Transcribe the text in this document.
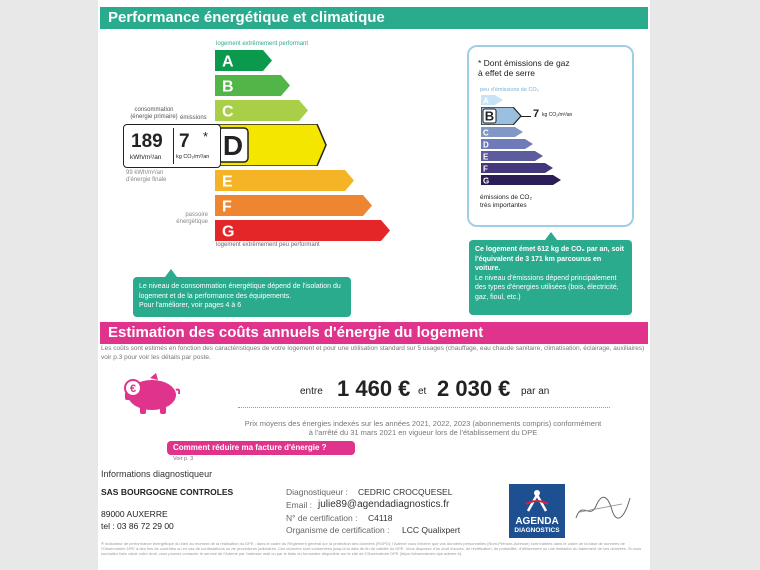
Performance énergétique et climatique
logement extrêmement performant
A
B
C
D
E
F
G
logement extrêmement peu performant
consommation
(énergie primaire) émissions
189
kWh/m²/an
7 *
kg CO₂/m²/an
99 kWh/m²/an
d'énergie finale
passoire
énergétique
* Dont émissions de gaz
à effet de serre
peu d'émissions de CO₂
A
B	7 kg CO₂/m²/an
C
D
E
F
G
émissions de CO₂
très importantes
Le niveau de consommation énergétique dépend de l'isolation du logement et de la performance des équipements.
Pour l'améliorer, voir pages 4 à 6
Ce logement émet 612 kg de CO₂ par an, soit l'équivalent de 3 171 km parcourus en voiture.
Le niveau d'émissions dépend principalement des types d'énergies utilisées (bois, électricité, gaz, fioul, etc.)
Estimation des coûts annuels d'énergie du logement
Les coûts sont estimés en fonction des caractéristiques de votre logement et pour une utilisation standard sur 5 usages (chauffage, eau chaude sanitaire, climatisation, éclairage, auxiliaires) voir p.3 pour voir les détails par poste.
€	entre 1 460 € et 2 030 € par an
Prix moyens des énergies indexés sur les années 2021, 2022, 2023 (abonnements compris) conformément
à l'arrêté du 31 mars 2021 en vigueur lors de l'établissement du DPE
Comment réduire ma facture d'énergie ?
Voir p. 3
Informations diagnostiqueur
SAS BOURGOGNE CONTROLES
89000 AUXERRE
tel : 03 86 72 29 00
Diagnostiqueur : CEDRIC CROCQUESEL
Email : julie89@agendadiagnostics.fr
N° de certification : C4118
Organisme de certification : LCC Qualixpert
AGENDA
DIAGNOSTICS
® Indicateur de performance énergétique du bien au moment de la réalisation du DPE ; dans le cadre du Règlement général sur la protection des données (RGPD), l'Ademe vous informe que vos données personnelles (Nom-Prénom-Adresse) sont traitées dans le cadre de la base de données de l'Observatoire DPE à des fins de contrôles ou en cas de contestations ou de procédures judiciaires. Ces données sont conservées jusqu'à la date de fin de validité du DPE. Vous disposez d'un droit d'accès, de rectification, de portabilité, d'effacement ou une limitation du traitement de ces données. Si vous souhaitez faire valoir votre droit, vous pouvez contacter le service de l'Ademe par l'adresse mail ou par le biais du formulaire disponible sur le site de l'Observatoire DPE (https://observatoire-dpe.ademe.fr).
